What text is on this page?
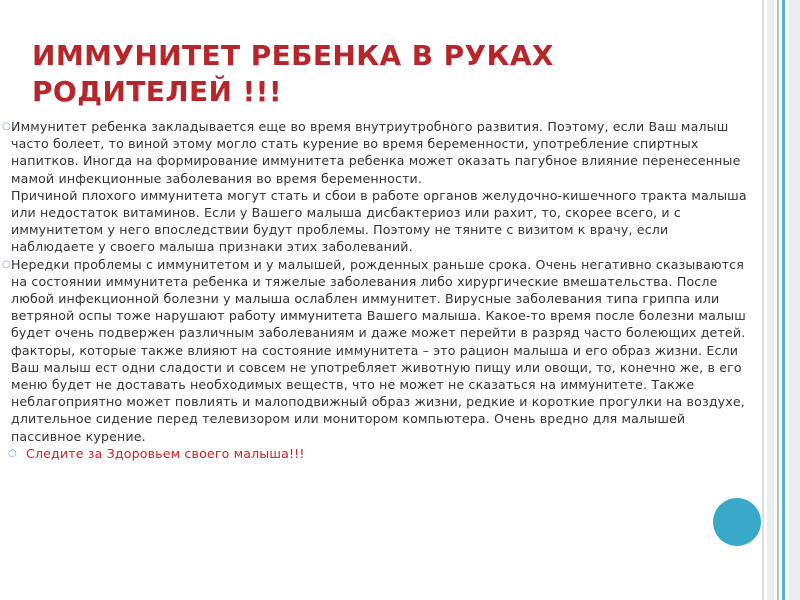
ИММУНИТЕТ РЕБЕНКА В РУКАХ РОДИТЕЛЕЙ !!!

○ Иммунитет ребенка закладывается еще во время внутриутробного развития. Поэтому, если Ваш малыш часто болеет, то виной этому могло стать курение во время беременности, употребление спиртных напитков. Иногда на формирование иммунитета ребенка может оказать пагубное влияние перенесенные мамой инфекционные заболевания во время беременности.

Причиной плохого иммунитета могут стать и сбои в работе органов желудочно-кишечного тракта малыша или недостаток витаминов. Если у Вашего малыша дисбактериоз или рахит, то, скорее всего, и с иммунитетом у него впоследствии будут проблемы. Поэтому не тяните с визитом к врачу, если наблюдаете у своего малыша признаки этих заболеваний.

○ Нередки проблемы с иммунитетом и у малышей, рожденных раньше срока. Очень негативно сказываются на состоянии иммунитета ребенка и тяжелые заболевания либо хирургические вмешательства. После любой инфекционной болезни у малыша ослаблен иммунитет. Вирусные заболевания типа гриппа или ветряной оспы тоже нарушают работу иммунитета Вашего малыша. Какое-то время после болезни малыш будет очень подвержен различным заболеваниям и даже может перейти в разряд часто болеющих детей.

факторы, которые также влияют на состояние иммунитета – это рацион малыша и его образ жизни. Если Ваш малыш ест одни сладости и совсем не употребляет животную пищу или овощи, то, конечно же, в его меню будет не доставать необходимых веществ, что не может не сказаться на иммунитете. Также неблагоприятно может повлиять и малоподвижный образ жизни, редкие и короткие прогулки на воздухе, длительное сидение перед телевизором или монитором компьютера. Очень вредно для малышей пассивное курение.

○ Следите за Здоровьем своего малыша!!!
